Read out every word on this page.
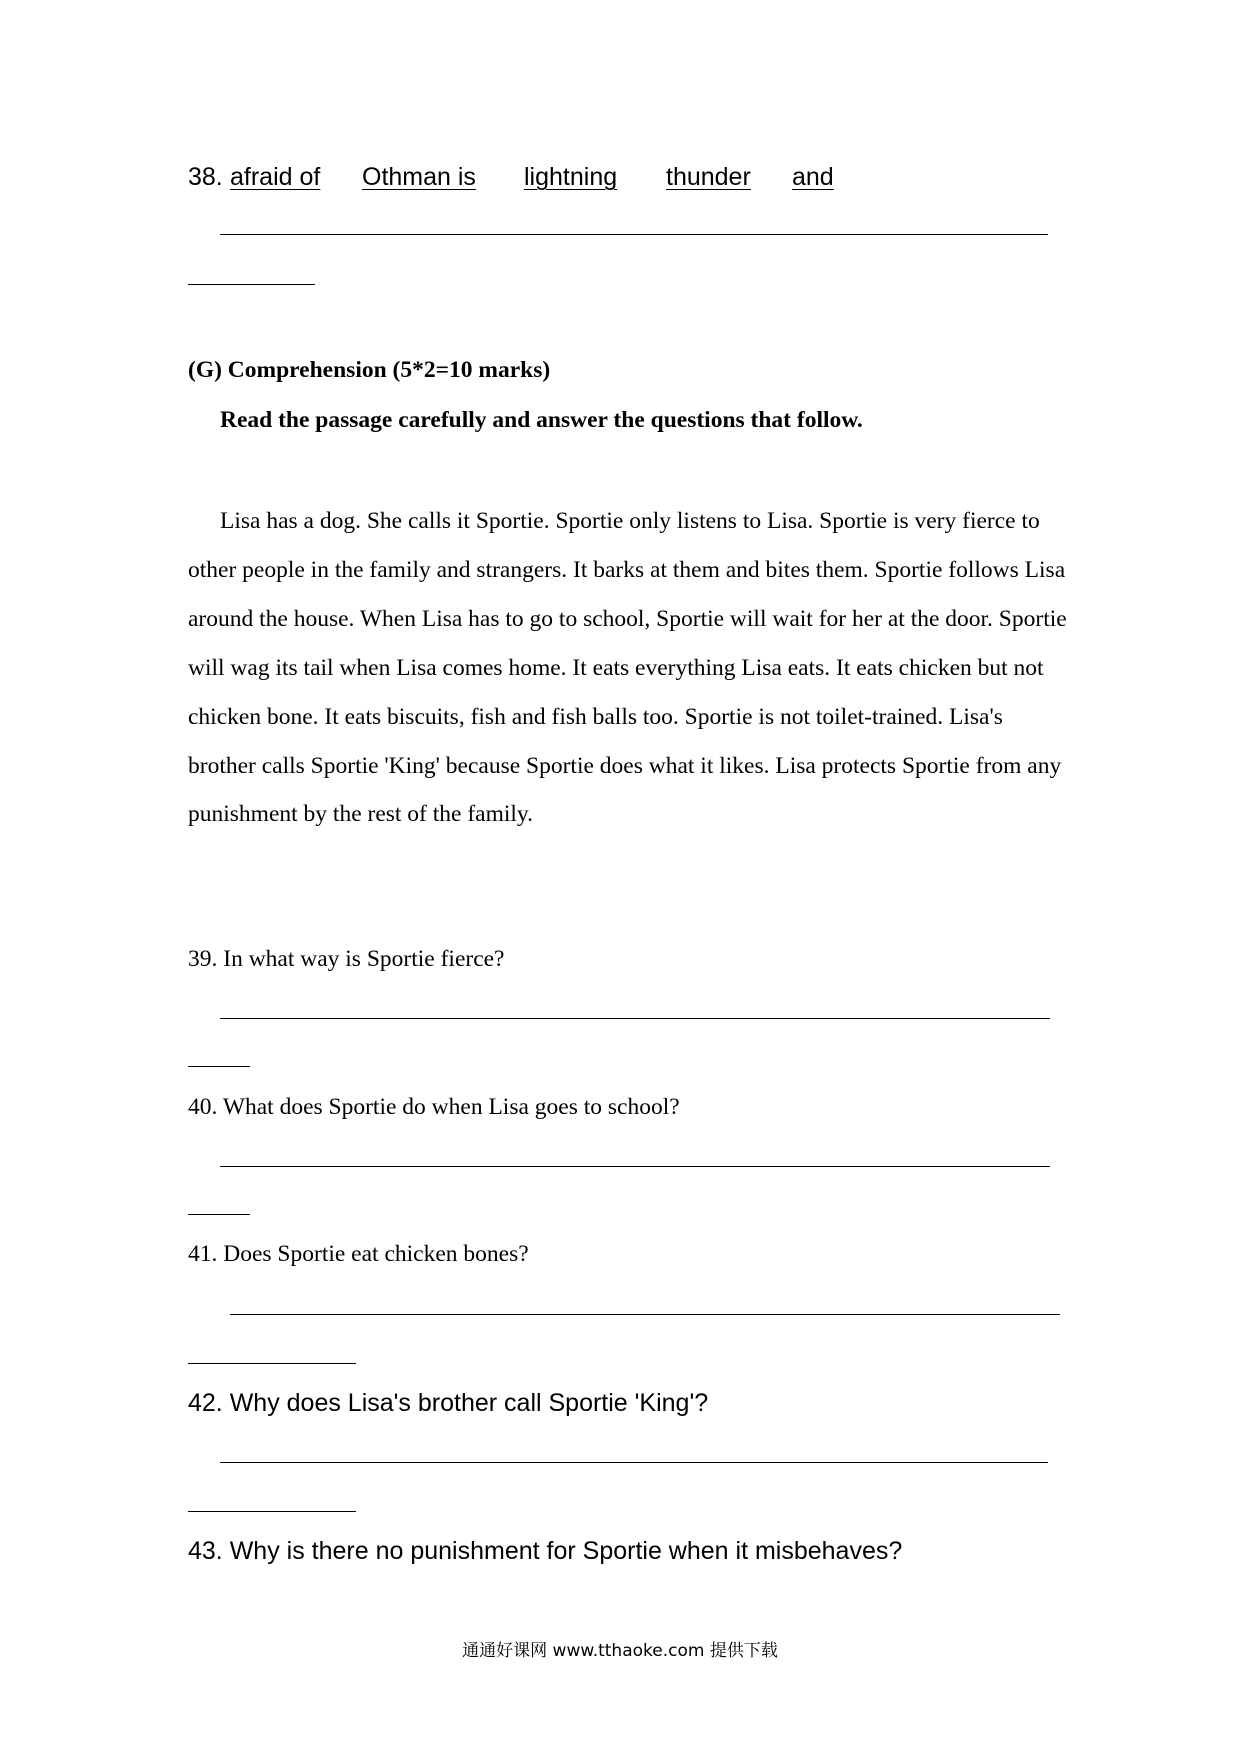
38. afraid of Othman is lightning thunder and
(G) Comprehension (5*2=10 marks)
Read the passage carefully and answer the questions that follow.
Lisa has a dog. She calls it Sportie. Sportie only listens to Lisa. Sportie is very fierce to other people in the family and strangers. It barks at them and bites them. Sportie follows Lisa around the house. When Lisa has to go to school, Sportie will wait for her at the door. Sportie will wag its tail when Lisa comes home. It eats everything Lisa eats. It eats chicken but not chicken bone. It eats biscuits, fish and fish balls too. Sportie is not toilet-trained. Lisa's brother calls Sportie 'King' because Sportie does what it likes. Lisa protects Sportie from any punishment by the rest of the family.
39. In what way is Sportie fierce?
40. What does Sportie do when Lisa goes to school?
41. Does Sportie eat chicken bones?
42. Why does Lisa's brother call Sportie 'King'?
43. Why is there no punishment for Sportie when it misbehaves?
通通好课网 www.tthaoke.com 提供下载
